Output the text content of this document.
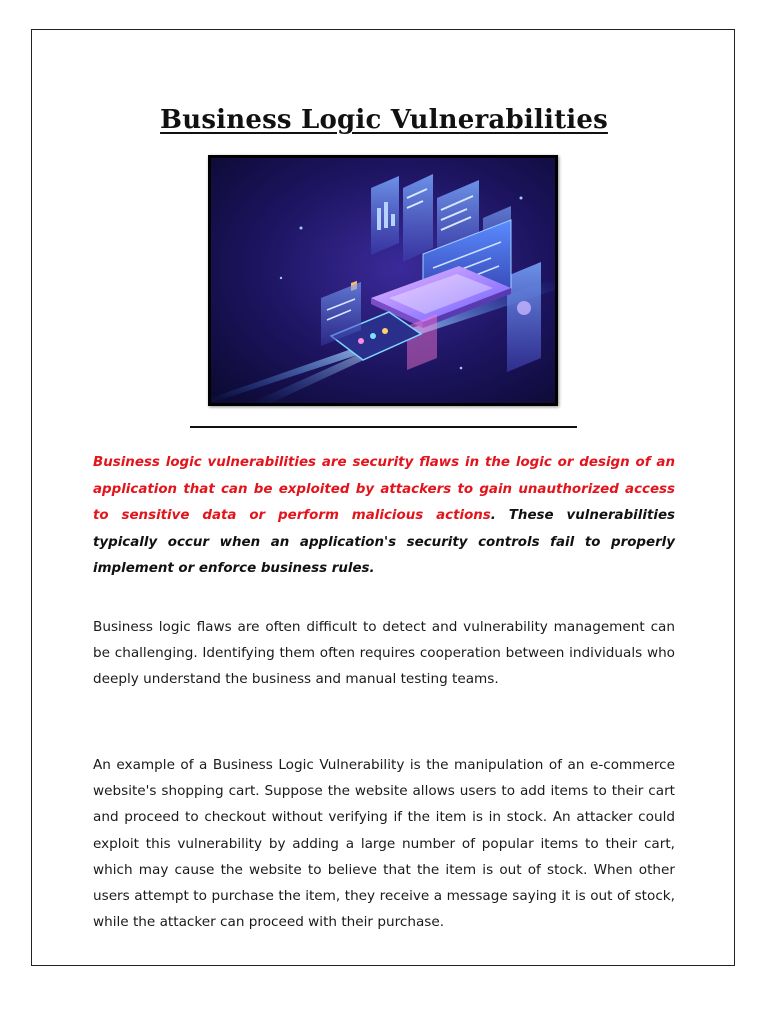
Business Logic Vulnerabilities

Business logic vulnerabilities are security flaws in the logic or design of an application that can be exploited by attackers to gain unauthorized access to sensitive data or perform malicious actions. These vulnerabilities typically occur when an application's security controls fail to properly implement or enforce business rules.

Business logic flaws are often difficult to detect and vulnerability management can be challenging. Identifying them often requires cooperation between individuals who deeply understand the business and manual testing teams.

An example of a Business Logic Vulnerability is the manipulation of an e-commerce website's shopping cart. Suppose the website allows users to add items to their cart and proceed to checkout without verifying if the item is in stock. An attacker could exploit this vulnerability by adding a large number of popular items to their cart, which may cause the website to believe that the item is out of stock. When other users attempt to purchase the item, they receive a message saying it is out of stock, while the attacker can proceed with their purchase.
